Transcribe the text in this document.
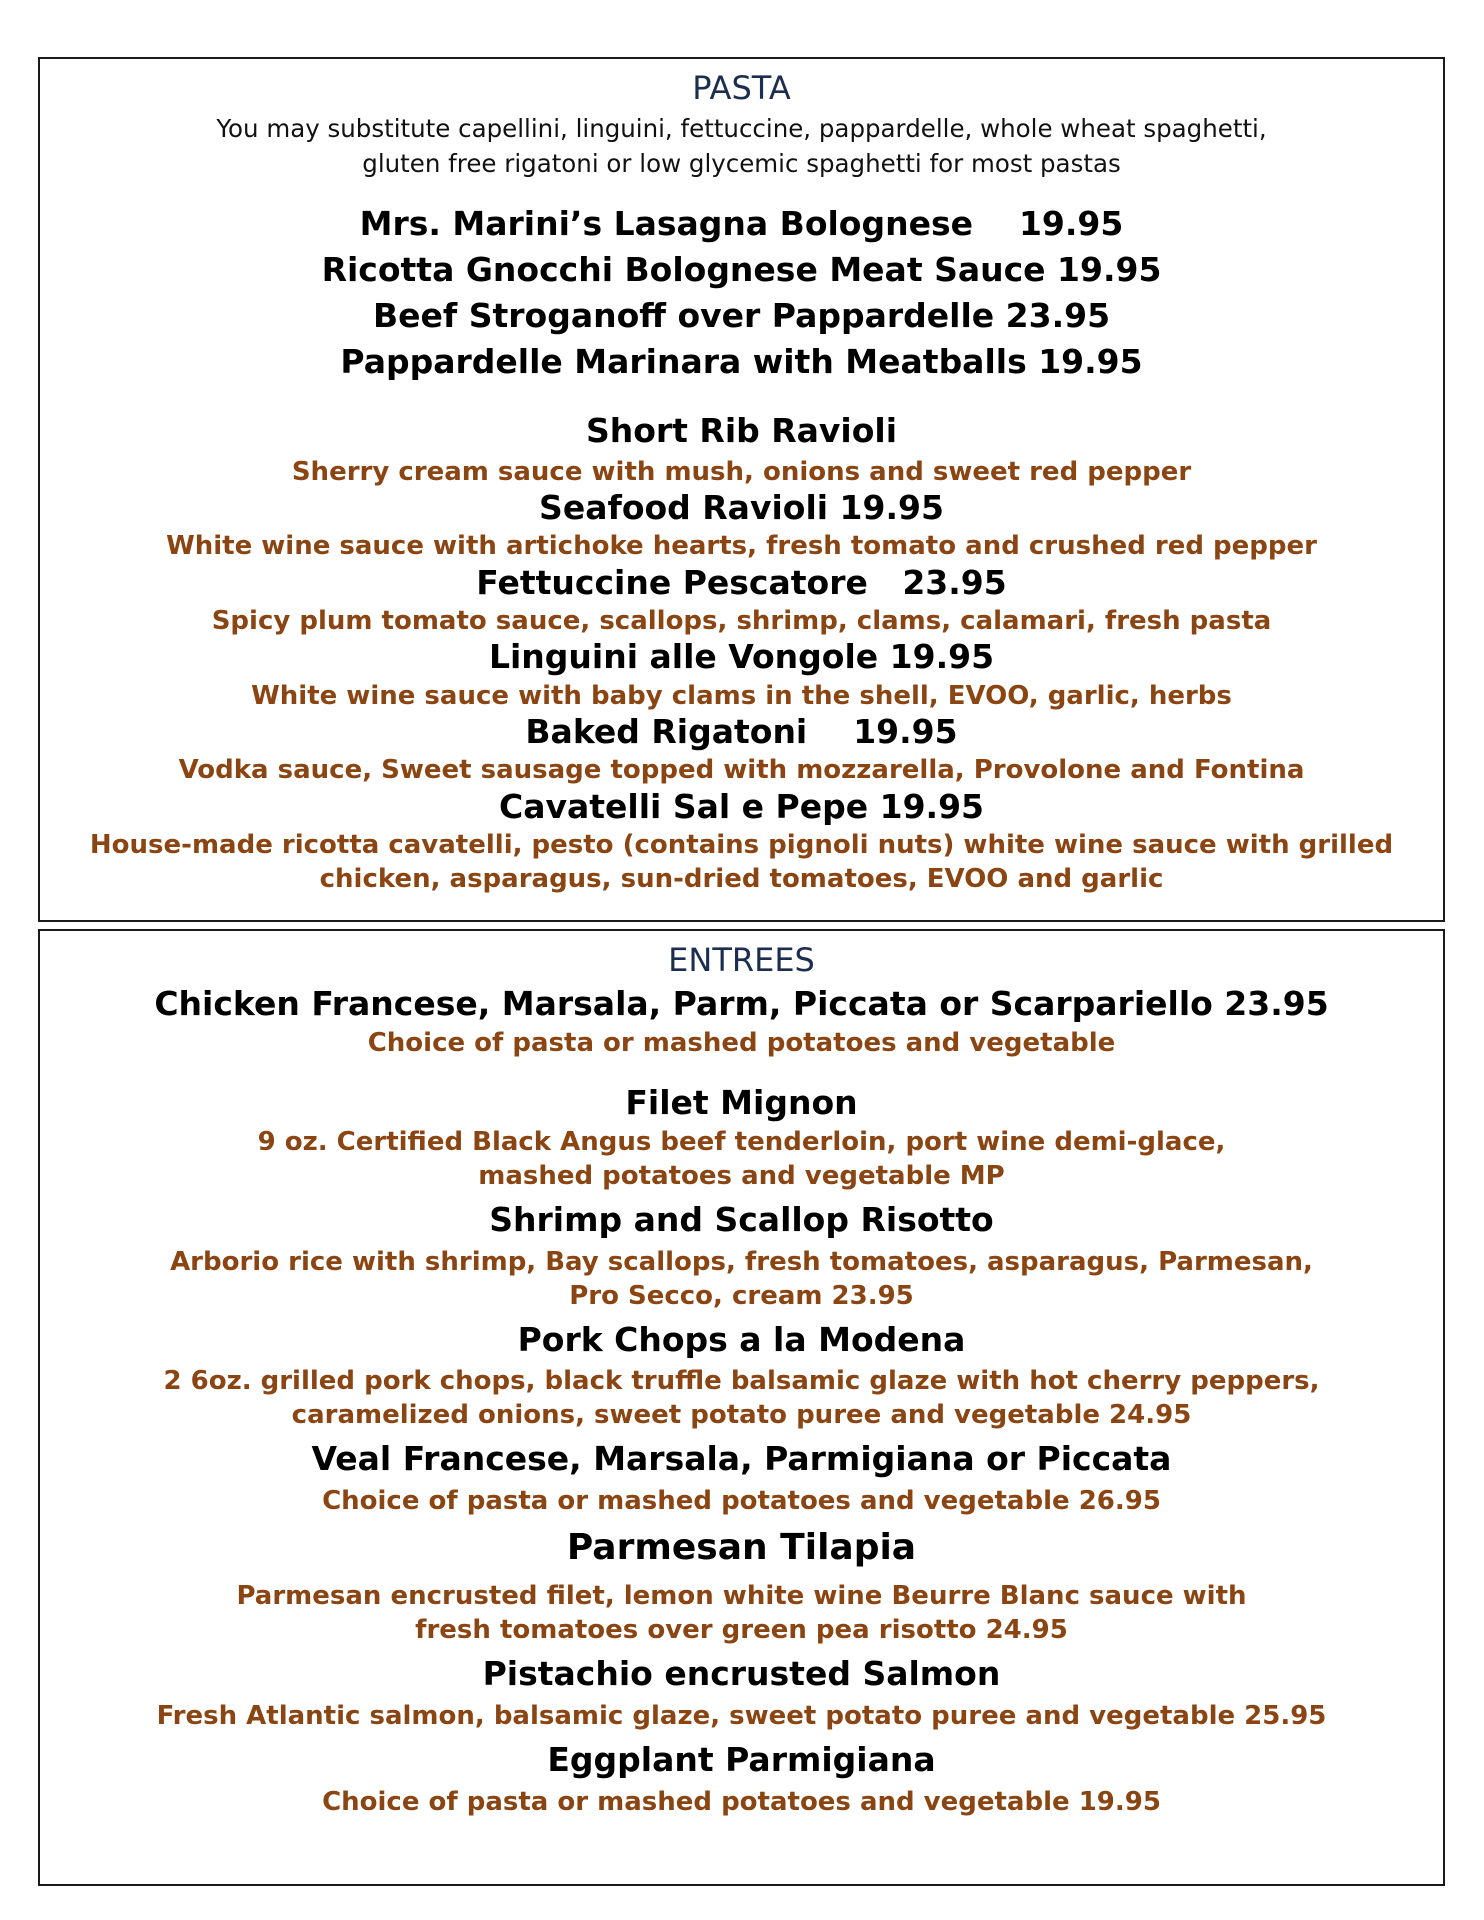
PASTA
You may substitute capellini, linguini, fettuccine, pappardelle, whole wheat spaghetti,
gluten free rigatoni or low glycemic spaghetti for most pastas
Mrs. Marini’s Lasagna Bolognese    19.95
Ricotta Gnocchi Bolognese Meat Sauce 19.95
Beef Stroganoff over Pappardelle 23.95
Pappardelle Marinara with Meatballs 19.95
Short Rib Ravioli
Sherry cream sauce with mush, onions and sweet red pepper
Seafood Ravioli 19.95
White wine sauce with artichoke hearts, fresh tomato and crushed red pepper
Fettuccine Pescatore   23.95
Spicy plum tomato sauce, scallops, shrimp, clams, calamari, fresh pasta
Linguini alle Vongole 19.95
White wine sauce with baby clams in the shell, EVOO, garlic, herbs
Baked Rigatoni    19.95
Vodka sauce, Sweet sausage topped with mozzarella, Provolone and Fontina
Cavatelli Sal e Pepe 19.95
House-made ricotta cavatelli, pesto (contains pignoli nuts) white wine sauce with grilled
chicken, asparagus, sun-dried tomatoes, EVOO and garlic
ENTREES
Chicken Francese, Marsala, Parm, Piccata or Scarpariello 23.95
Choice of pasta or mashed potatoes and vegetable
Filet Mignon
9 oz. Certified Black Angus beef tenderloin, port wine demi-glace,
mashed potatoes and vegetable MP
Shrimp and Scallop Risotto
Arborio rice with shrimp, Bay scallops, fresh tomatoes, asparagus, Parmesan,
Pro Secco, cream 23.95
Pork Chops a la Modena
2 6oz. grilled pork chops, black truffle balsamic glaze with hot cherry peppers,
caramelized onions, sweet potato puree and vegetable 24.95
Veal Francese, Marsala, Parmigiana or Piccata
Choice of pasta or mashed potatoes and vegetable 26.95
Parmesan Tilapia
Parmesan encrusted filet, lemon white wine Beurre Blanc sauce with
fresh tomatoes over green pea risotto 24.95
Pistachio encrusted Salmon
Fresh Atlantic salmon, balsamic glaze, sweet potato puree and vegetable 25.95
Eggplant Parmigiana
Choice of pasta or mashed potatoes and vegetable 19.95
